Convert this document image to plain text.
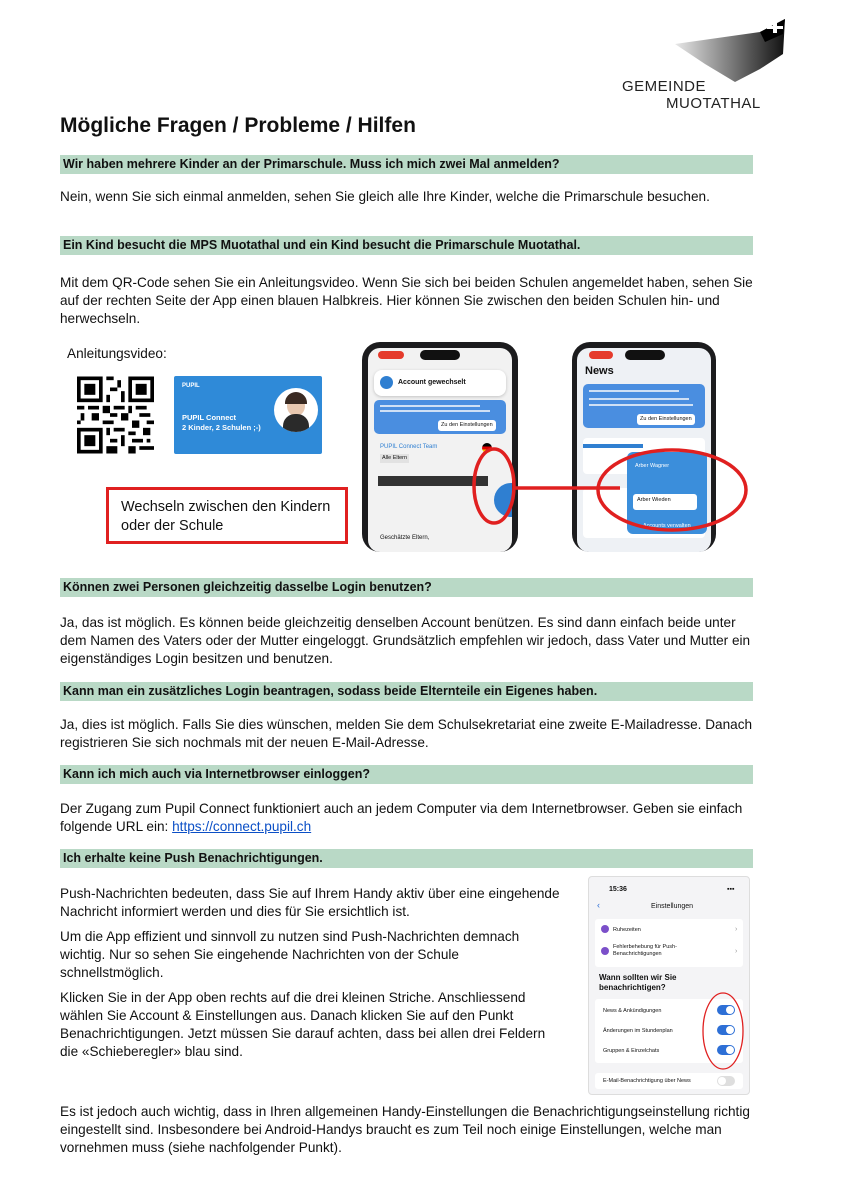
GEMEINDE
MUOTATHAL
Mögliche Fragen / Probleme / Hilfen
Wir haben mehrere Kinder an der Primarschule. Muss ich mich zwei Mal anmelden?

Nein, wenn Sie sich einmal anmelden, sehen Sie gleich alle Ihre Kinder, welche die Primarschule besuchen.

Ein Kind besucht die MPS Muotathal und ein Kind besucht die Primarschule Muotathal.

Mit dem QR-Code sehen Sie ein Anleitungsvideo. Wenn Sie sich bei beiden Schulen angemeldet haben, sehen Sie auf der rechten Seite der App einen blauen Halbkreis. Hier können Sie zwischen den beiden Schulen hin- und herwechseln.

Anleitungsvideo:
PUPIL
PUPIL Connect
2 Kinder, 2 Schulen ;-)
Account gewechselt
Zu den Einstellungen
PUPIL Connect Team
Alle Eltern
Geschätzte Eltern,
News
Zu den Einstellungen
Arber Wagner
Arber Wieden
Accounts verwalten
Wechseln zwischen den Kindern oder der Schule
Können zwei Personen gleichzeitig dasselbe Login benutzen?

Ja, das ist möglich. Es können beide gleichzeitig denselben Account benützen. Es sind dann einfach beide unter dem Namen des Vaters oder der Mutter eingeloggt. Grundsätzlich empfehlen wir jedoch, dass Vater und Mutter ein eigenständiges Login besitzen und benutzen.

Kann man ein zusätzliches Login beantragen, sodass beide Elternteile ein Eigenes haben.

Ja, dies ist möglich. Falls Sie dies wünschen, melden Sie dem Schulsekretariat eine zweite E-Mailadresse. Danach registrieren Sie sich nochmals mit der neuen E-Mail-Adresse.

Kann ich mich auch via Internetbrowser einloggen?

Der Zugang zum Pupil Connect funktioniert auch an jedem Computer via dem Internetbrowser. Geben sie einfach folgende URL ein: https://connect.pupil.ch

Ich erhalte keine Push Benachrichtigungen.

Push-Nachrichten bedeuten, dass Sie auf Ihrem Handy aktiv über eine eingehende Nachricht informiert werden und dies für Sie ersichtlich ist.

Um die App effizient und sinnvoll zu nutzen sind Push-Nachrichten demnach wichtig. Nur so sehen Sie eingehende Nachrichten von der Schule schnellstmöglich.

Klicken Sie in der App oben rechts auf die drei kleinen Striche. Anschliessend wählen Sie Account & Einstellungen aus. Danach klicken Sie auf den Punkt Benachrichtigungen. Jetzt müssen Sie darauf achten, dass bei allen drei Feldern die «Schieberegler» blau sind.

Es ist jedoch auch wichtig, dass in Ihren allgemeinen Handy-Einstellungen die Benachrichtigungseinstellung richtig eingestellt sind. Insbesondere bei Android-Handys braucht es zum Teil noch einige Einstellungen, welche man vornehmen muss (siehe nachfolgender Punkt).

15:36	▪▪▪
‹	Einstellungen
Ruhezeiten	›
Fehlerbehebung für Push-Benachrichtigungen	›
Wann sollten wir Sie benachrichtigen?
News & Ankündigungen
Änderungen im Stundenplan
Gruppen & Einzelchats
E-Mail-Benachrichtigung über News
